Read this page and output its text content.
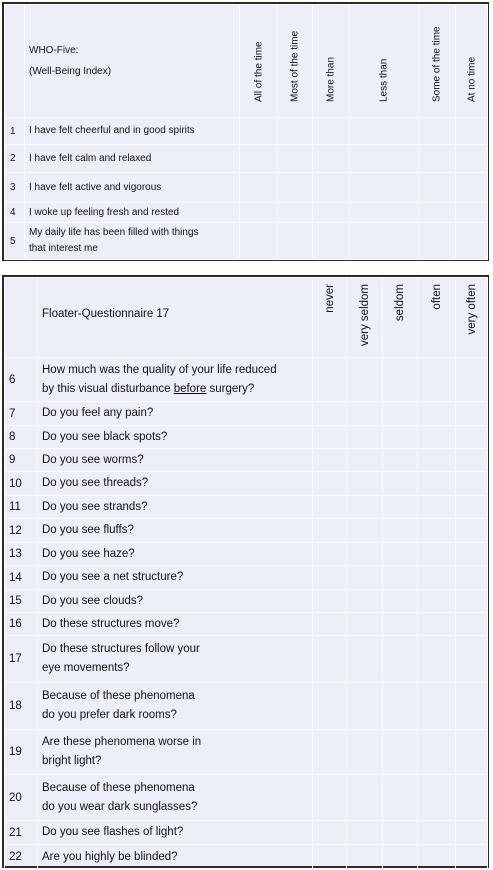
	WHO-Five:
(Well-Being Index)	All of the time	Most of the time	More than	Less than	Some of the time	At no time

1	I have felt cheerful and in good spirits						
2	I have felt calm and relaxed						
3	I have felt active and vigorous						
4	I woke up feeling fresh and rested						
5	My daily life has been filled with things
that interest me						

	Floater-Questionnaire 17	never	very seldom	seldom	often	very often

6	How much was the quality of your life reduced
by this visual disturbance before surgery?					

7	Do you feel any pain?					
8	Do you see black spots?					
9	Do you see worms?					
10	Do you see threads?					
11	Do you see strands?					
12	Do you see fluffs?					
13	Do you see haze?					
14	Do you see a net structure?					
15	Do you see clouds?					
16	Do these structures move?					
17	Do these structures follow your
eye movements?					

18	Because of these phenomena
do you prefer dark rooms?					

19	Are these phenomena worse in
bright light?					

20	Because of these phenomena
do you wear dark sunglasses?					

21	Do you see flashes of light?					
22	Are you highly be blinded?					
